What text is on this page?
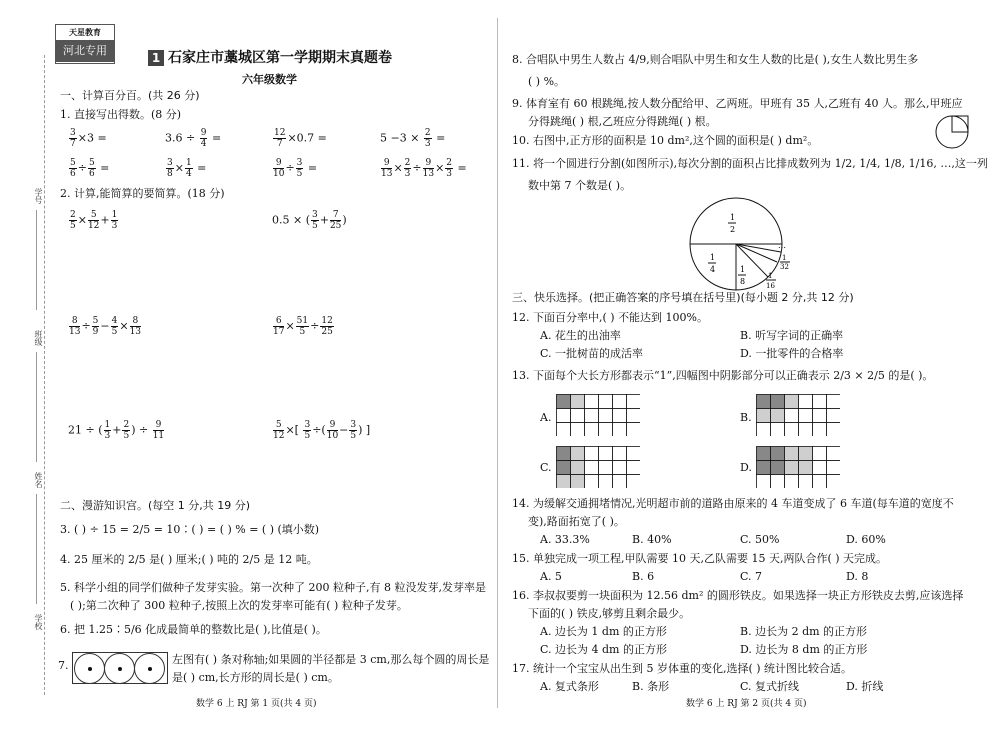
天星教育
河北专用
学号
班级
姓名
学校
1 石家庄市藁城区第一学期期末真题卷
六年级数学
一、计算百分百。(共 26 分)
1. 直接写出得数。(8 分)
$\frac{3}{7} \times 3$ =	$3.6 \div \frac{9}{4}$ =	$\frac{12}{7} \times 0.7$ =	$5 -3 \times \frac{2}{3}$ =
$\frac{5}{6} \div \frac{5}{6}$ =	$\frac{3}{8} \times \frac{1}{4}$ =	$\frac{9}{10} \div \frac{3}{5}$ =	$\frac{9}{13} \times \frac{2}{3} \div \frac{9}{13} \times \frac{2}{3}$ =
2. 计算,能简算的要简算。(18 分)
$\frac{2}{5} \times \frac{5}{12} + \frac{1}{3}$	0.5 × ( $\frac{3}{5} + \frac{7}{25}$ )
$\frac{8}{13} \div \frac{5}{9} - \frac{4}{5} \times \frac{8}{13}$	$\frac{6}{17} \times \frac{51}{5} \div \frac{12}{25}$
21 ÷ ( $\frac{1}{3} + \frac{2}{5}$ ) ÷ $\frac{9}{11}$	$\frac{5}{12}$ ×[ $\frac{3}{5}$ ÷( $\frac{9}{10} - \frac{3}{5}$ ) ]
二、漫游知识宫。(每空 1 分,共 19 分)
3. ( ) ÷ 15 = 2/5 = 10∶( ) = ( ) % = ( ) (填小数)
4. 25 厘米的 2/5 是( ) 厘米;( ) 吨的 2/5 是 12 吨。
5. 科学小组的同学们做种子发芽实验。第一次种了 200 粒种子,有 8 粒没发芽,发芽率是
( );第二次种了 300 粒种子,按照上次的发芽率可能有( ) 粒种子发芽。
6. 把 1.25∶5/6 化成最简单的整数比是( ),比值是( )。
7.	左图有( ) 条对称轴;如果圆的半径都是 3 cm,那么每个圆的周长是
是( ) cm,长方形的周长是( ) cm。
数学 6 上 RJ 第 1 页(共 4 页)
8. 合唱队中男生人数占 4/9,则合唱队中男生和女生人数的比是( ),女生人数比男生多
( ) %。
9. 体育室有 60 根跳绳,按人数分配给甲、乙两班。甲班有 35 人,乙班有 40 人。那么,甲班应
分得跳绳( ) 根,乙班应分得跳绳( ) 根。
10. 右图中,正方形的面积是 10 dm²,这个圆的面积是( ) dm²。
11. 将一个圆进行分割(如图所示),每次分割的面积占比排成数列为 1/2, 1/4, 1/8, 1/16, …,这一列
数中第 7 个数是( )。
1
2
1
4	1
8
…
1
32
1
16
三、快乐选择。(把正确答案的序号填在括号里)(每小题 2 分,共 12 分)
12. 下面百分率中,( ) 不能达到 100%。
A. 花生的出油率	B. 听写字词的正确率
C. 一批树苗的成活率	D. 一批零件的合格率
13. 下面每个大长方形都表示“1”,四幅图中阴影部分可以正确表示 2/3 × 2/5 的是( )。
A.	B.
C.	D.
14. 为缓解交通拥堵情况,光明超市前的道路由原来的 4 车道变成了 6 车道(每车道的宽度不
变),路面拓宽了( )。
A. 33.3%	B. 40%	C. 50%	D. 60%
15. 单独完成一项工程,甲队需要 10 天,乙队需要 15 天,两队合作( ) 天完成。
A. 5	B. 6	C. 7	D. 8
16. 李叔叔要剪一块面积为 12.56 dm² 的圆形铁皮。如果选择一块正方形铁皮去剪,应该选择
下面的( ) 铁皮,够剪且剩余最少。
A. 边长为 1 dm 的正方形	B. 边长为 2 dm 的正方形
C. 边长为 4 dm 的正方形	D. 边长为 8 dm 的正方形
17. 统计一个宝宝从出生到 5 岁体重的变化,选择( ) 统计图比较合适。
A. 复式条形	B. 条形	C. 复式折线	D. 折线
数学 6 上 RJ 第 2 页(共 4 页)
